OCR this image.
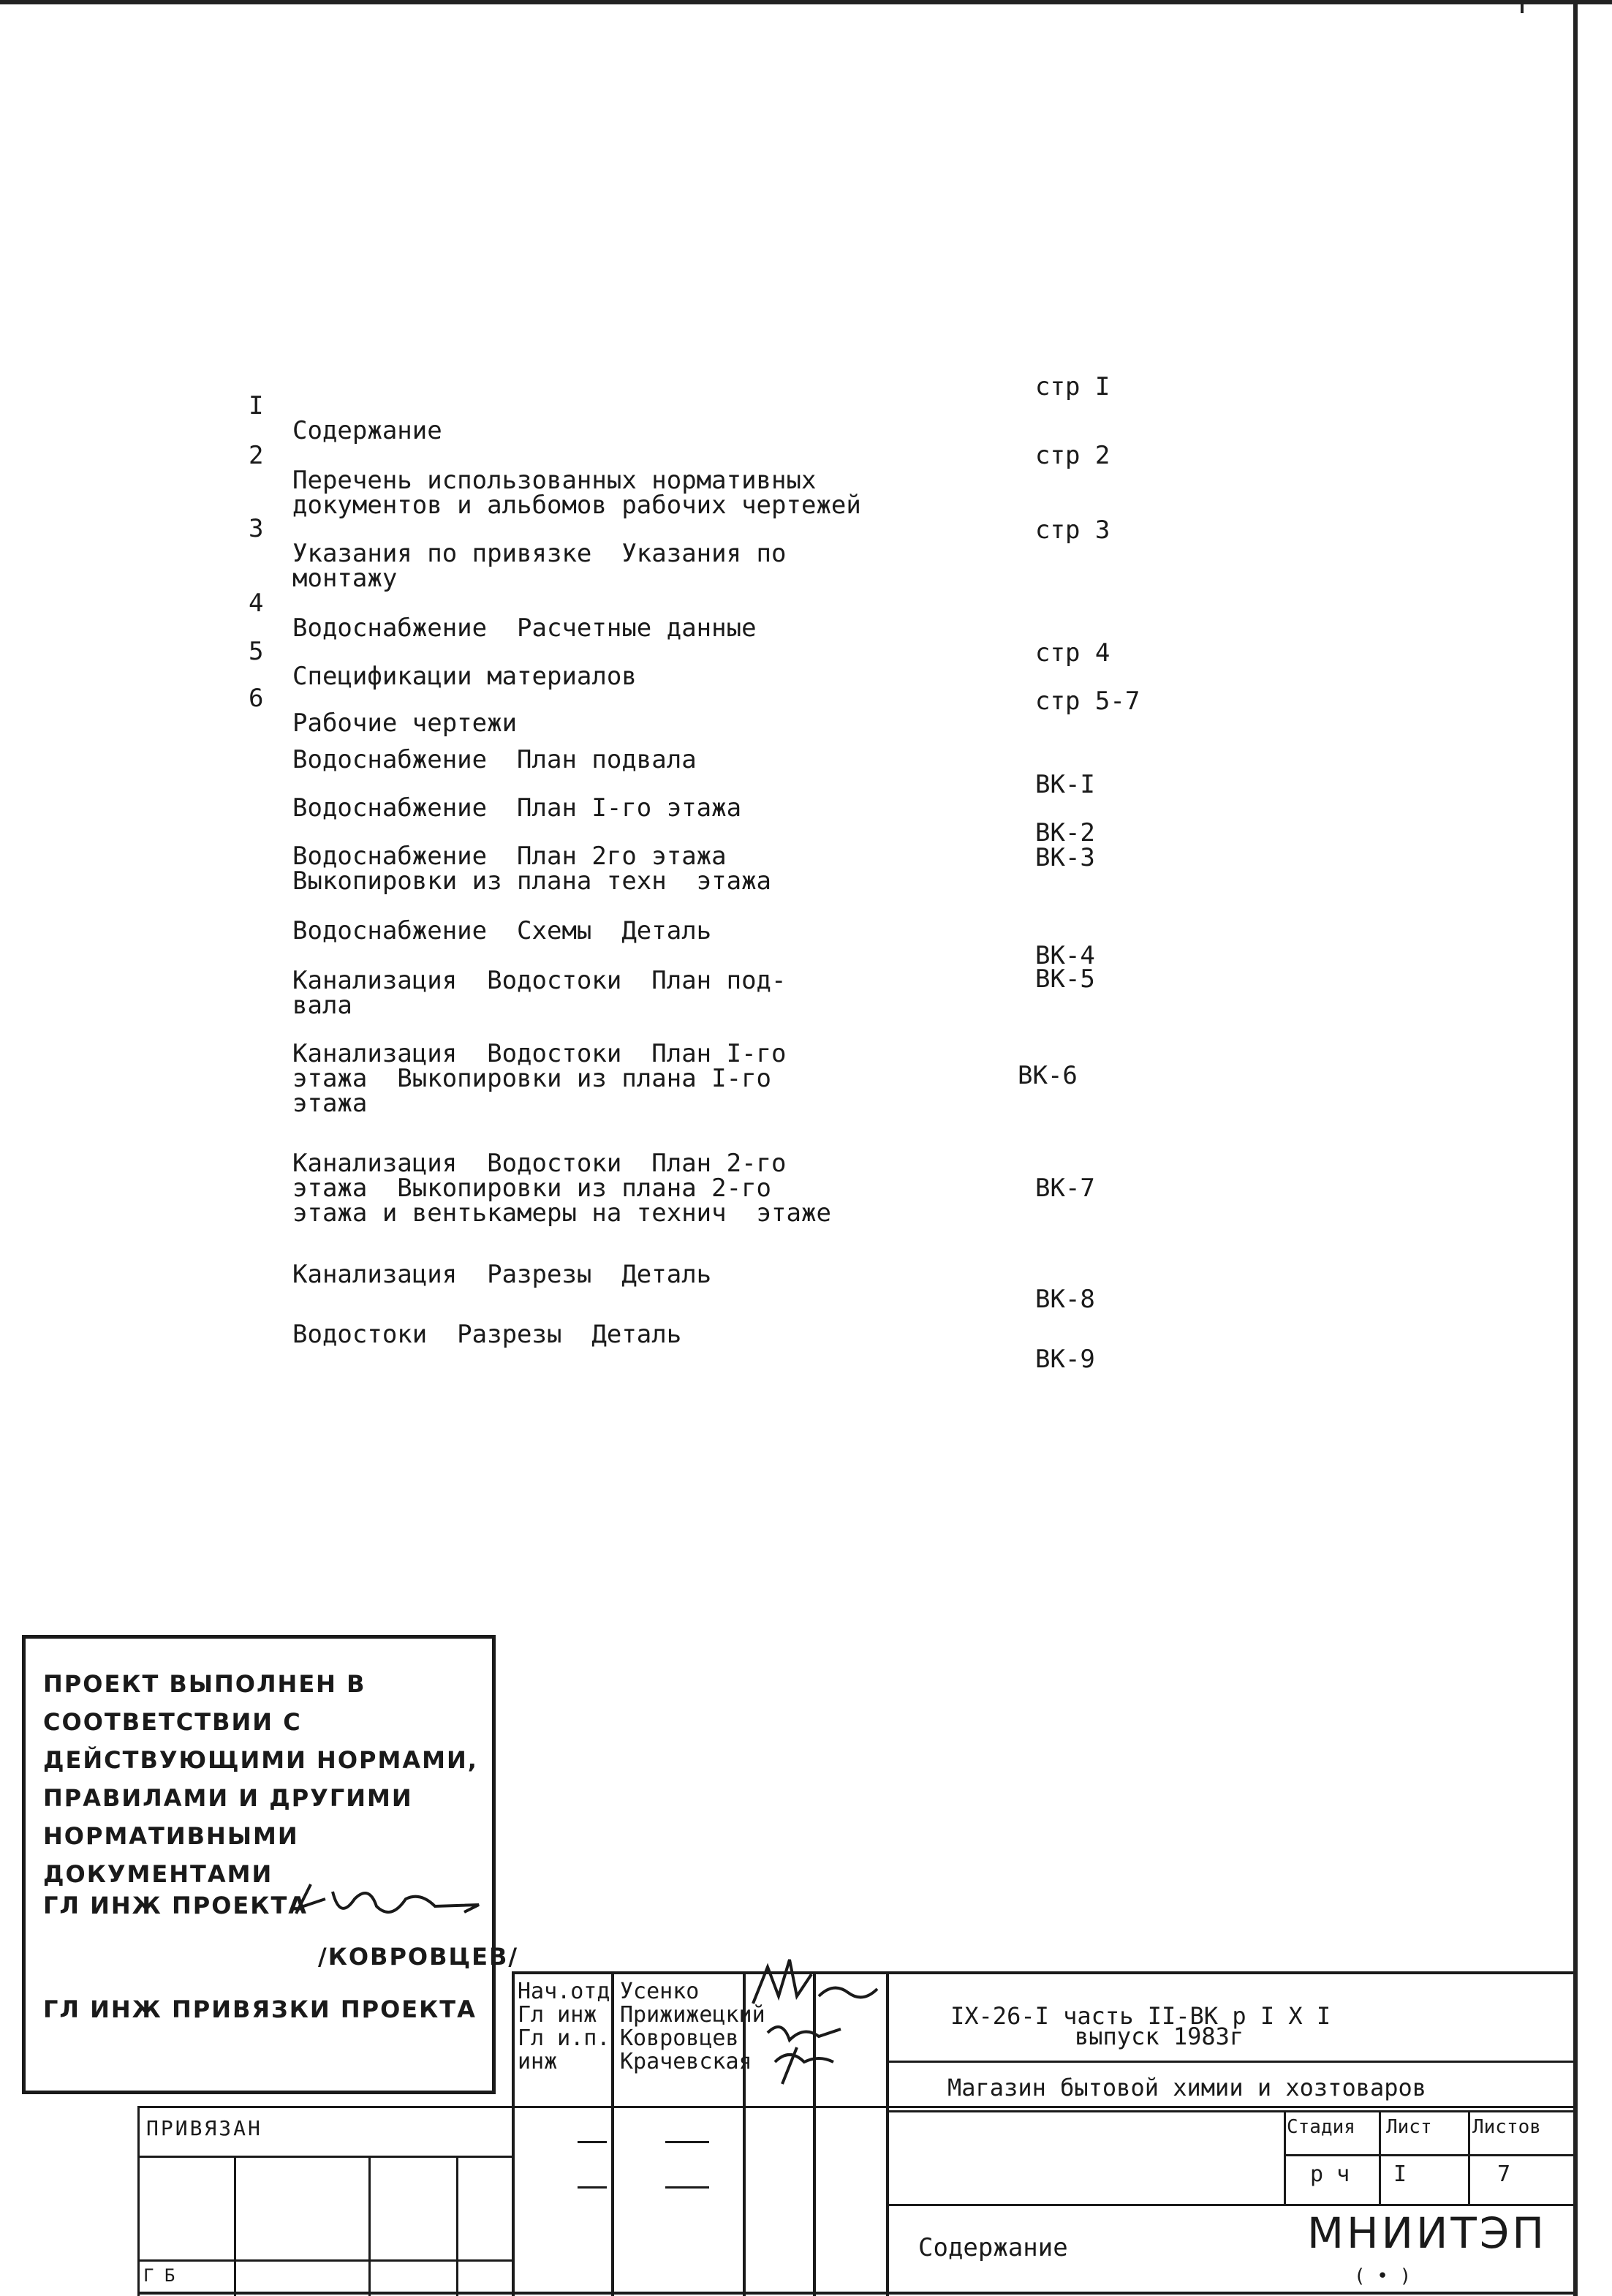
I

Содержание

стр I

2

Перечень использованных нормативных
документов и альбомов рабочих чертежей

стр 2

3

Указания по привязке  Указания по
монтажу

стр 3

4

Водоснабжение  Расчетные данные

стр 4

5

Спецификации материалов

стр 5-7

6

Рабочие чертежи

Водоснабжение  План подвала

ВК-I

Водоснабжение  План I-го этажа

ВК-2

Водоснабжение  План 2го этажа
Выкопировки из плана техн  этажа

ВК-3

Водоснабжение  Схемы  Деталь

ВК-4

Канализация  Водостоки  План под-
вала

ВК-5

Канализация  Водостоки  План I-го
этажа  Выкопировки из плана I-го
этажа

ВК-6

Канализация  Водостоки  План 2-го
этажа  Выкопировки из плана 2-го
этажа и вентькамеры на технич  этаже

ВК-7

Канализация  Разрезы  Деталь

ВК-8

Водостоки  Разрезы  Деталь

ВК-9

ПРОЕКТ ВЫПОЛНЕН В СООТВЕТСТВИИ С ДЕЙСТВУЮЩИМИ НОРМАМИ, ПРАВИЛАМИ И ДРУГИМИ НОРМАТИВНЫМИ ДОКУМЕНТАМИ
ГЛ ИНЖ ПРОЕКТА
/КОВРОВЦЕВ/
ГЛ ИНЖ ПРИВЯЗКИ ПРОЕКТА
Нач.отд
Гл инж
Гл и.п.
инж
Усенко
Прижижецкий
Ковровцев
Крачевская
IX-26-I часть II-ВК р I X I
выпуск 1983г
Магазин бытовой химии и хозтоваров
Стадия Лист Листов
р ч I	7
Содержание	МНИИТЭП
( • )
ПРИВЯЗАН
Г Б
